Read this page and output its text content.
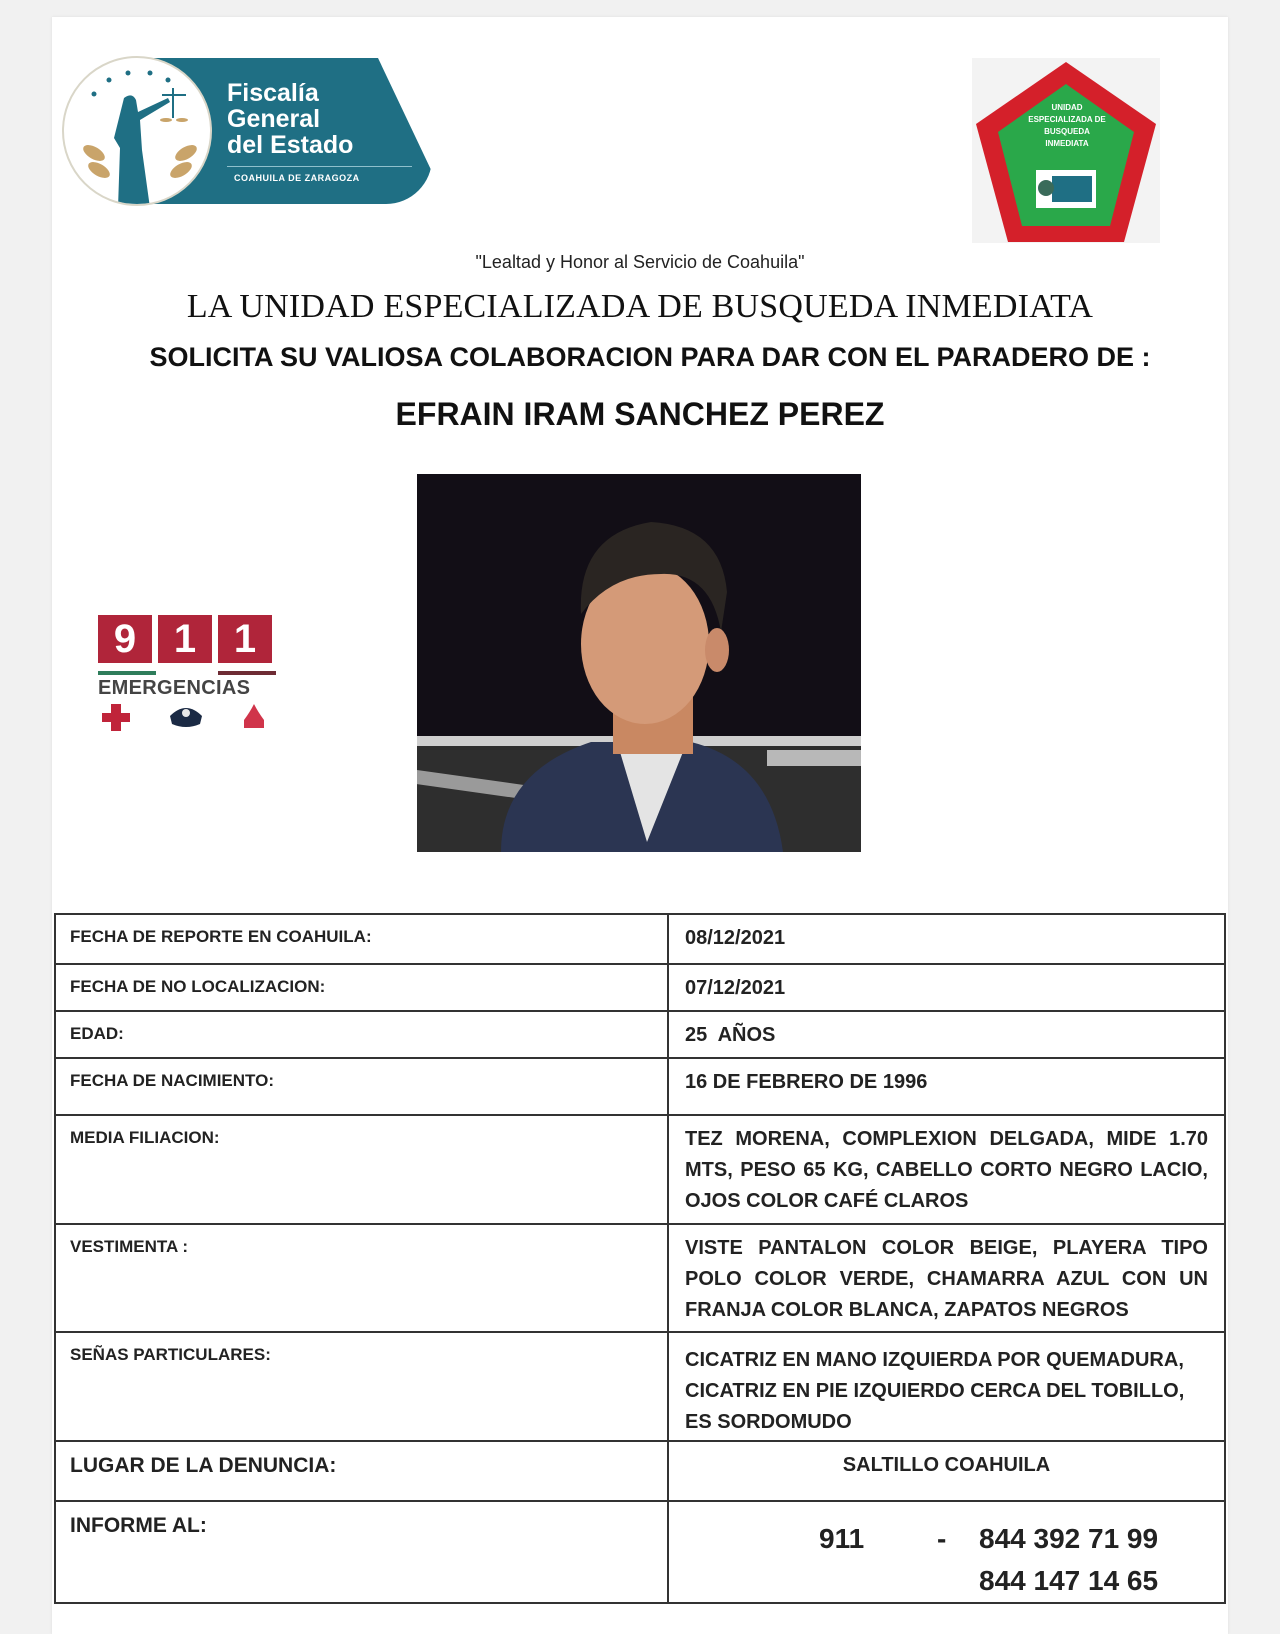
Fiscalía
General
del Estado
COAHUILA DE ZARAGOZA
UNIDAD ESPECIALIZADA DE BUSQUEDA INMEDIATA
"Lealtad y Honor al Servicio de Coahuila"
LA UNIDAD ESPECIALIZADA DE BUSQUEDA INMEDIATA
SOLICITA SU VALIOSA COLABORACION PARA DAR CON EL PARADERO DE :
EFRAIN IRAM SANCHEZ PEREZ
9 1 1
EMERGENCIAS
FECHA DE REPORTE EN COAHUILA:	08/12/2021
FECHA DE NO LOCALIZACION:	07/12/2021
EDAD:	25  AÑOS
FECHA DE NACIMIENTO:	16 DE FEBRERO DE 1996
MEDIA FILIACION:	TEZ MORENA, COMPLEXION DELGADA, MIDE 1.70 MTS, PESO 65 KG, CABELLO CORTO NEGRO LACIO, OJOS COLOR CAFÉ CLAROS
VESTIMENTA :	VISTE PANTALON COLOR BEIGE, PLAYERA TIPO POLO COLOR VERDE, CHAMARRA AZUL CON UN FRANJA COLOR BLANCA, ZAPATOS NEGROS
SEÑAS PARTICULARES:	CICATRIZ EN MANO IZQUIERDA POR QUEMADURA, CICATRIZ EN PIE IZQUIERDO CERCA DEL TOBILLO, ES SORDOMUDO
LUGAR DE LA DENUNCIA:	SALTILLO COAHUILA
INFORME AL:	911 - 844 392 71 99
844 147 14 65
